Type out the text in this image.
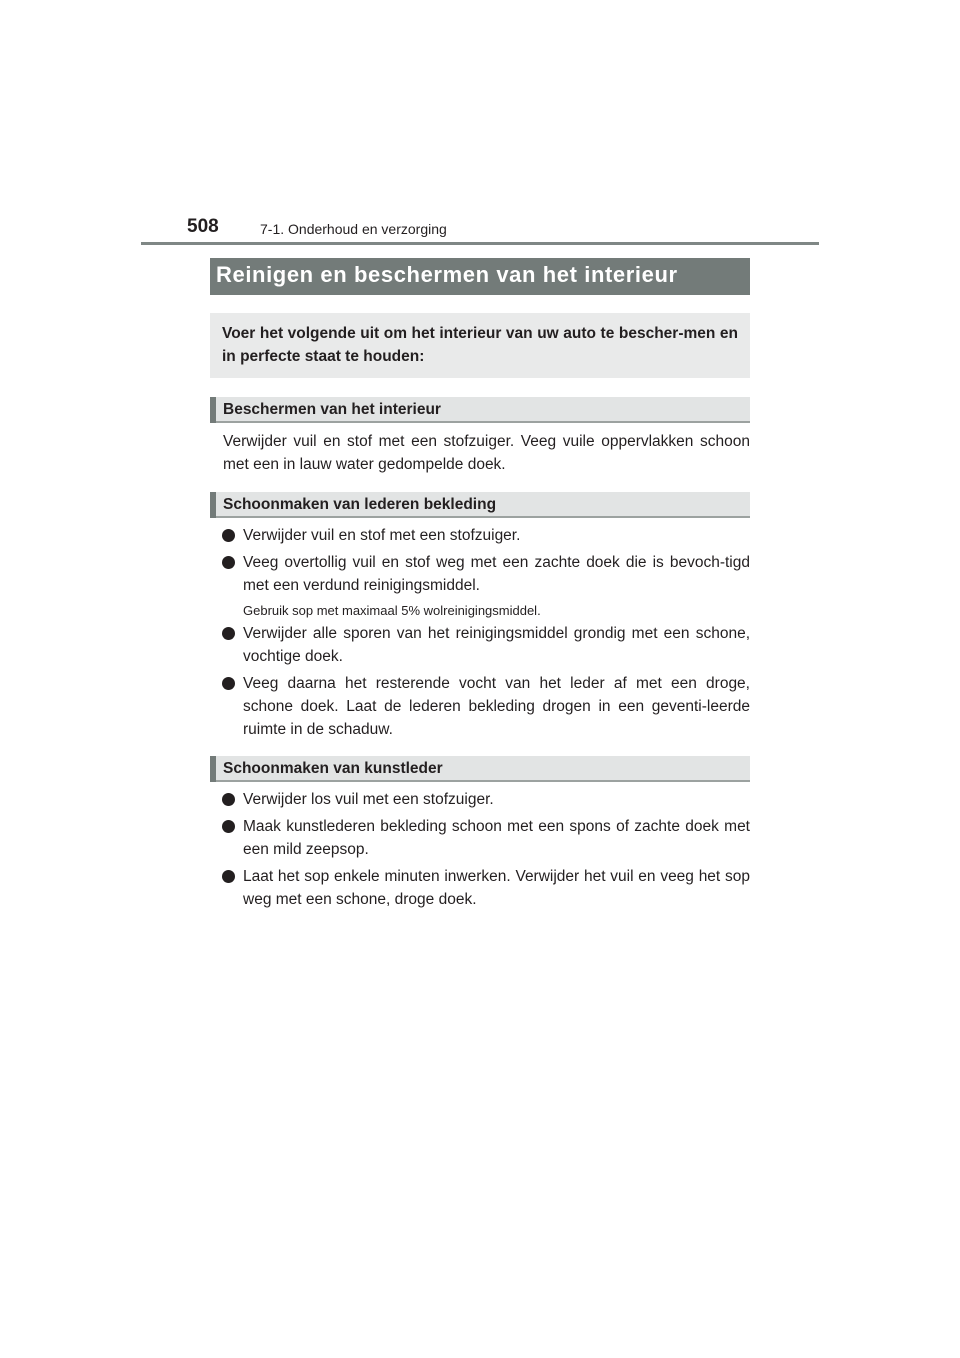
508	7-1. Onderhoud en verzorging
Reinigen en beschermen van het interieur
Voer het volgende uit om het interieur van uw auto te bescher-men en in perfecte staat te houden:
Beschermen van het interieur
Verwijder vuil en stof met een stofzuiger. Veeg vuile oppervlakken schoon met een in lauw water gedompelde doek.
Schoonmaken van lederen bekleding
Verwijder vuil en stof met een stofzuiger.
Veeg overtollig vuil en stof weg met een zachte doek die is bevoch-tigd met een verdund reinigingsmiddel.
Gebruik sop met maximaal 5% wolreinigingsmiddel.
Verwijder alle sporen van het reinigingsmiddel grondig met een schone, vochtige doek.
Veeg daarna het resterende vocht van het leder af met een droge, schone doek. Laat de lederen bekleding drogen in een geventi-leerde ruimte in de schaduw.
Schoonmaken van kunstleder
Verwijder los vuil met een stofzuiger.
Maak kunstlederen bekleding schoon met een spons of zachte doek met een mild zeepsop.
Laat het sop enkele minuten inwerken. Verwijder het vuil en veeg het sop weg met een schone, droge doek.
